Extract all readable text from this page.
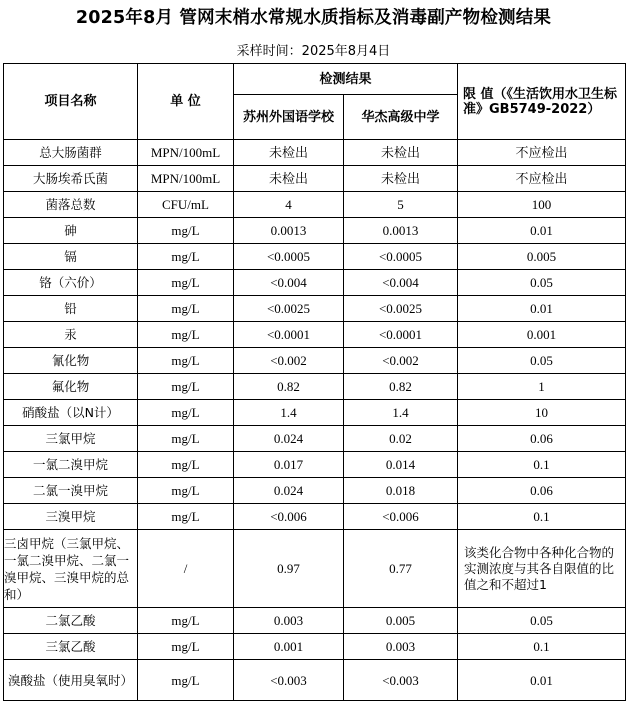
2025年8月 管网末梢水常规水质指标及消毒副产物检测结果
采样时间：2025年8月4日
项目名称	单 位	检测结果		限 值（《生活饮用水卫生标准》GB5749-2022）
		苏州外国语学校	华杰高级中学	
总大肠菌群	MPN/100mL	未检出	未检出	不应检出
大肠埃希氏菌	MPN/100mL	未检出	未检出	不应检出
菌落总数	CFU/mL	4	5	100
砷	mg/L	0.0013	0.0013	0.01
镉	mg/L	<0.0005	<0.0005	0.005
铬（六价）	mg/L	<0.004	<0.004	0.05
铅	mg/L	<0.0025	<0.0025	0.01
汞	mg/L	<0.0001	<0.0001	0.001
氰化物	mg/L	<0.002	<0.002	0.05
氟化物	mg/L	0.82	0.82	1
硝酸盐（以N计）	mg/L	1.4	1.4	10
三氯甲烷	mg/L	0.024	0.02	0.06
一氯二溴甲烷	mg/L	0.017	0.014	0.1
二氯一溴甲烷	mg/L	0.024	0.018	0.06
三溴甲烷	mg/L	<0.006	<0.006	0.1
三卤甲烷（三氯甲烷、一氯二溴甲烷、二氯一溴甲烷、三溴甲烷的总和）	/	0.97	0.77	该类化合物中各种化合物的实测浓度与其各自限值的比值之和不超过1
二氯乙酸	mg/L	0.003	0.005	0.05
三氯乙酸	mg/L	0.001	0.003	0.1
溴酸盐（使用臭氧时）	mg/L	<0.003	<0.003	0.01
